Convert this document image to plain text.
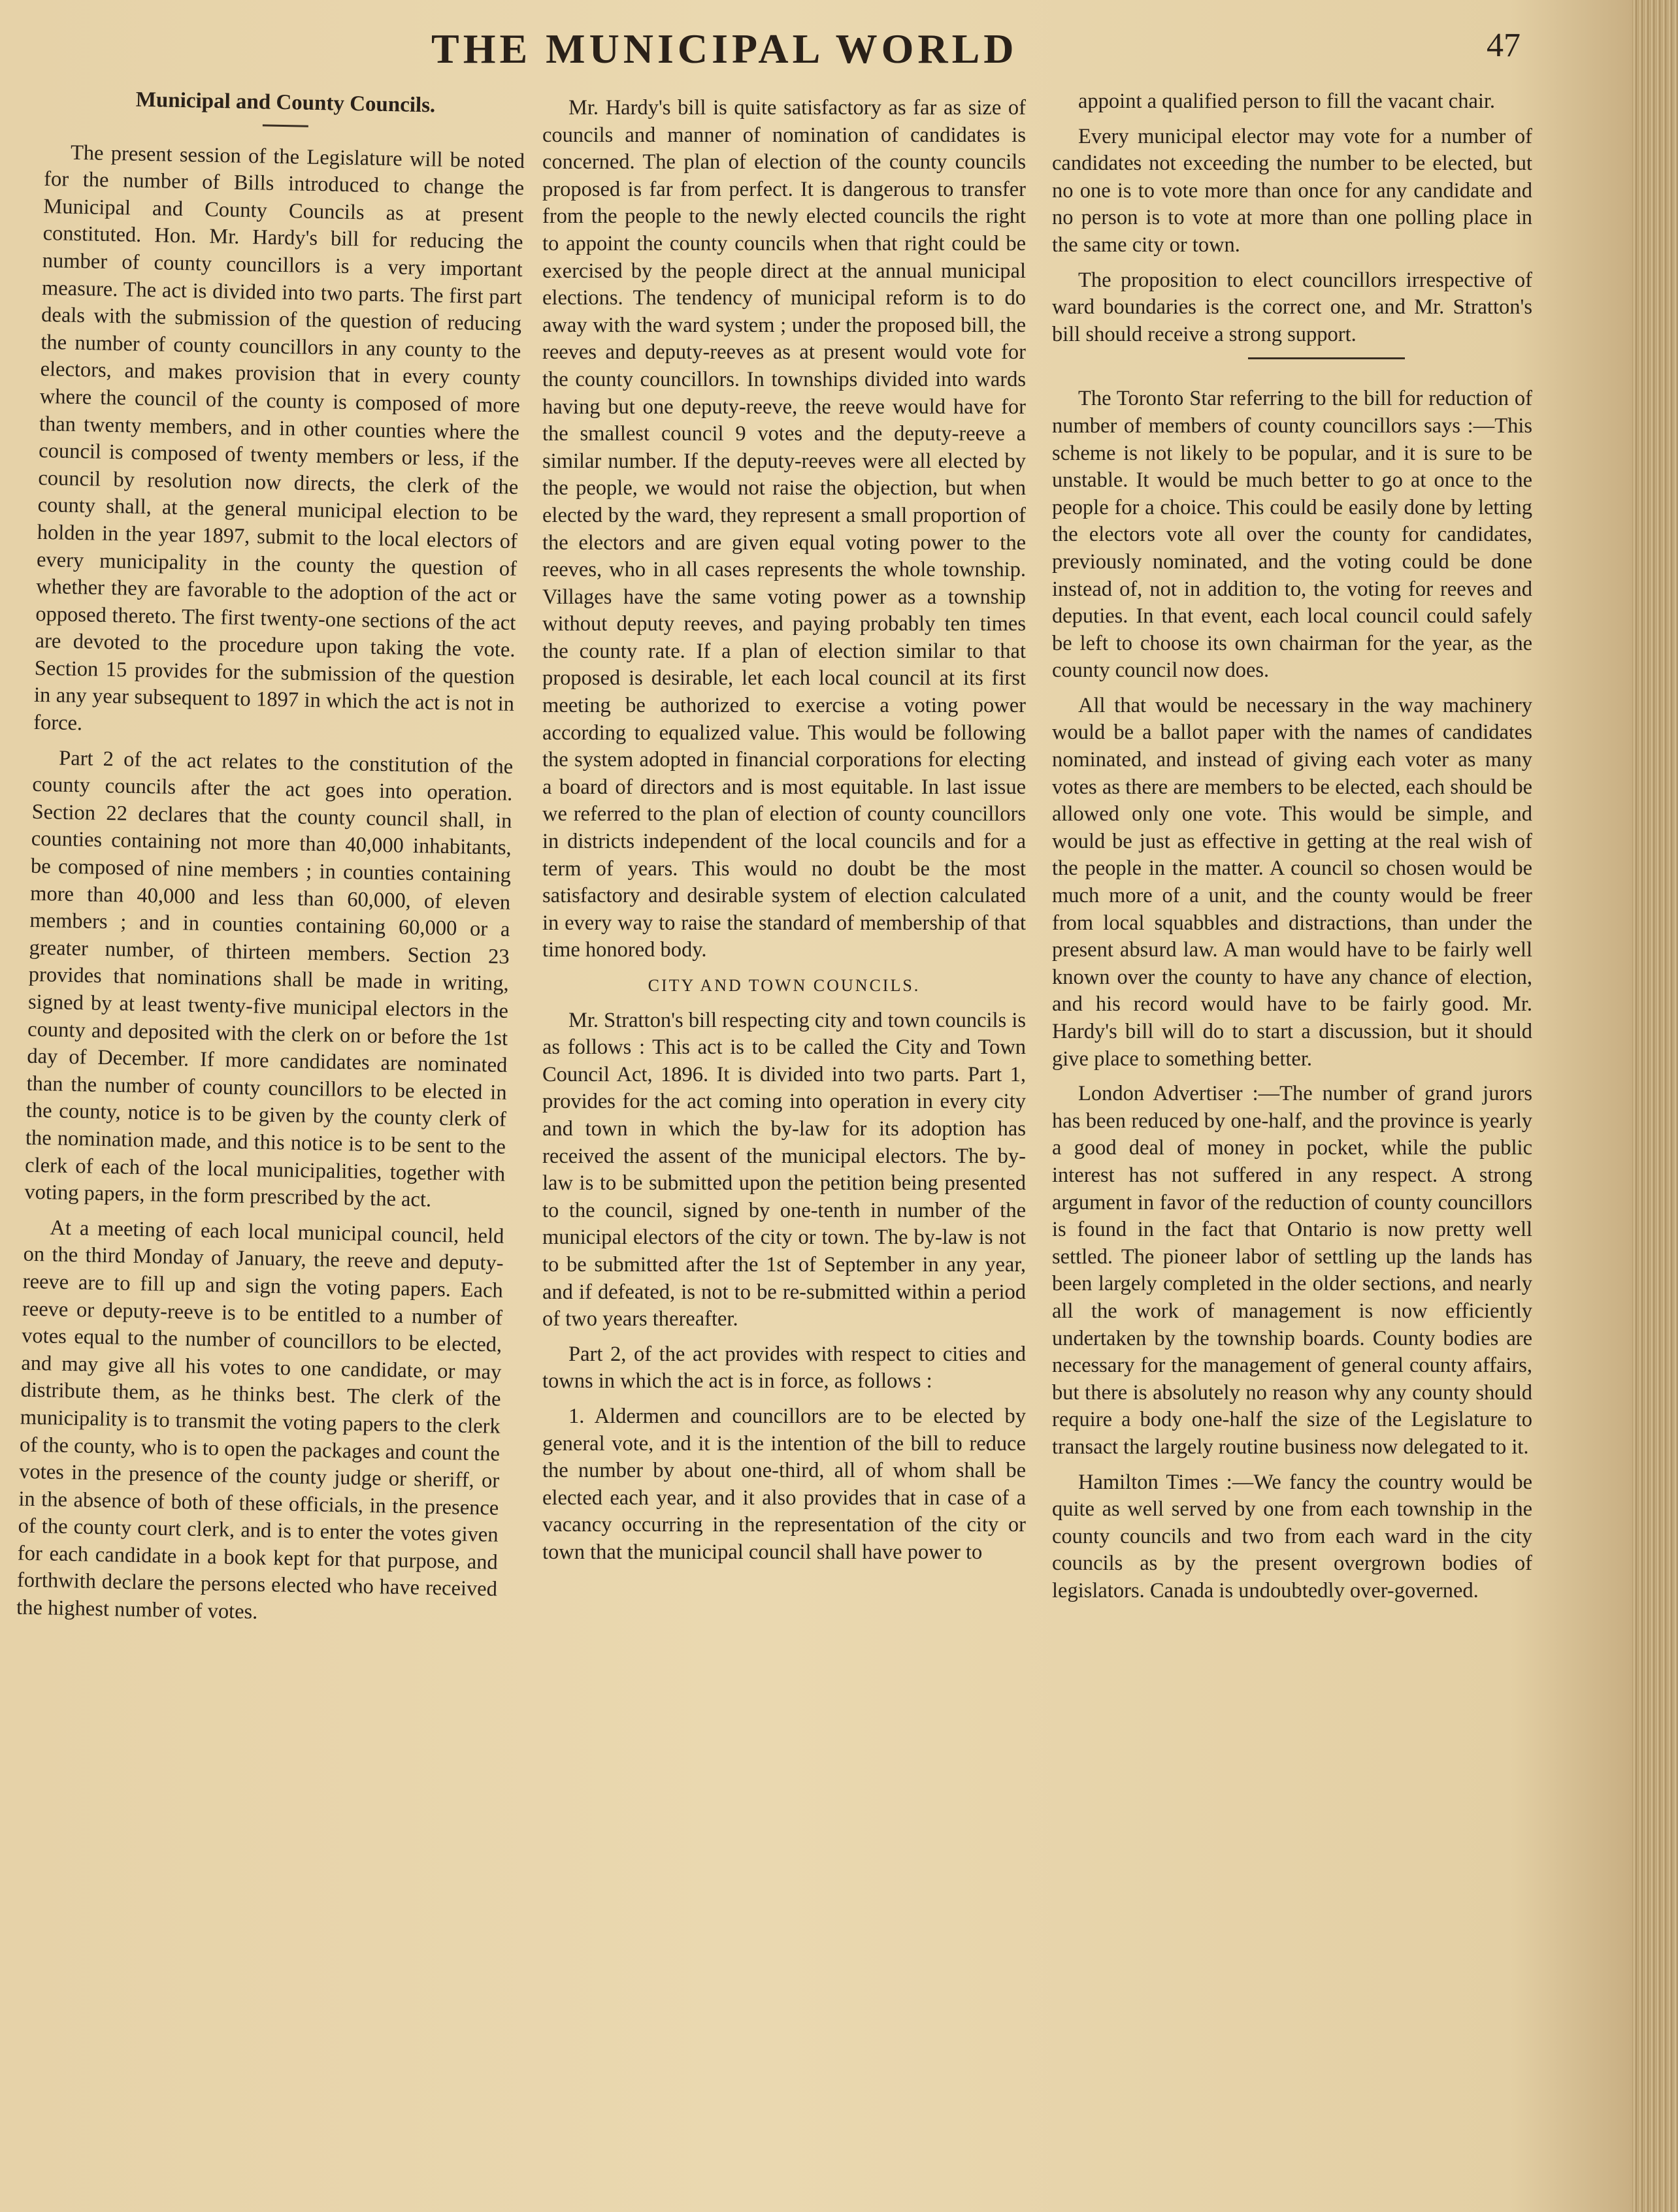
THE MUNICIPAL WORLD	47

Municipal and County Councils.

The present session of the Legislature will be noted for the number of Bills introduced to change the Municipal and County Councils as at present constituted. Hon. Mr. Hardy's bill for reducing the number of county councillors is a very important measure. The act is divided into two parts. The first part deals with the submission of the question of reducing the number of county councillors in any county to the electors, and makes provision that in every county where the council of the county is composed of more than twenty members, and in other counties where the council is composed of twenty members or less, if the council by resolution now directs, the clerk of the county shall, at the general municipal election to be holden in the year 1897, submit to the local electors of every municipality in the county the question of whether they are favorable to the adoption of the act or opposed thereto. The first twenty-one sections of the act are devoted to the procedure upon taking the vote. Section 15 provides for the submission of the question in any year subsequent to 1897 in which the act is not in force.

Part 2 of the act relates to the constitution of the county councils after the act goes into operation. Section 22 declares that the county council shall, in counties containing not more than 40,000 inhabitants, be composed of nine members ; in counties containing more than 40,000 and less than 60,000, of eleven members ; and in counties containing 60,000 or a greater number, of thirteen members. Section 23 provides that nominations shall be made in writing, signed by at least twenty-five municipal electors in the county and deposited with the clerk on or before the 1st day of December. If more candidates are nominated than the number of county councillors to be elected in the county, notice is to be given by the county clerk of the nomination made, and this notice is to be sent to the clerk of each of the local municipalities, together with voting papers, in the form prescribed by the act.

At a meeting of each local municipal council, held on the third Monday of January, the reeve and deputy-reeve are to fill up and sign the voting papers. Each reeve or deputy-reeve is to be entitled to a number of votes equal to the number of councillors to be elected, and may give all his votes to one candidate, or may distribute them, as he thinks best. The clerk of the municipality is to transmit the voting papers to the clerk of the county, who is to open the packages and count the votes in the presence of the county judge or sheriff, or in the absence of both of these officials, in the presence of the county court clerk, and is to enter the votes given for each candidate in a book kept for that purpose, and forthwith declare the persons elected who have received the highest number of votes.

Mr. Hardy's bill is quite satisfactory as far as size of councils and manner of nomination of candidates is concerned. The plan of election of the county councils proposed is far from perfect. It is dangerous to transfer from the people to the newly elected councils the right to appoint the county councils when that right could be exercised by the people direct at the annual municipal elections. The tendency of municipal reform is to do away with the ward system ; under the proposed bill, the reeves and deputy-reeves as at present would vote for the county councillors. In townships divided into wards having but one deputy-reeve, the reeve would have for the smallest council 9 votes and the deputy-reeve a similar number. If the deputy-reeves were all elected by the people, we would not raise the objection, but when elected by the ward, they represent a small proportion of the electors and are given equal voting power to the reeves, who in all cases represents the whole township. Villages have the same voting power as a township without deputy reeves, and paying probably ten times the county rate. If a plan of election similar to that proposed is desirable, let each local council at its first meeting be authorized to exercise a voting power according to equalized value. This would be following the system adopted in financial corporations for electing a board of directors and is most equitable. In last issue we referred to the plan of election of county councillors in districts independent of the local councils and for a term of years. This would no doubt be the most satisfactory and desirable system of election calculated in every way to raise the standard of membership of that time honored body.

CITY AND TOWN COUNCILS.

Mr. Stratton's bill respecting city and town councils is as follows : This act is to be called the City and Town Council Act, 1896. It is divided into two parts. Part 1, provides for the act coming into operation in every city and town in which the by-law for its adoption has received the assent of the municipal electors. The by-law is to be submitted upon the petition being presented to the council, signed by one-tenth in number of the municipal electors of the city or town. The by-law is not to be submitted after the 1st of September in any year, and if defeated, is not to be re-submitted within a period of two years thereafter.

Part 2, of the act provides with respect to cities and towns in which the act is in force, as follows :

1. Aldermen and councillors are to be elected by general vote, and it is the intention of the bill to reduce the number by about one-third, all of whom shall be elected each year, and it also provides that in case of a vacancy occurring in the representation of the city or town that the municipal council shall have power to

appoint a qualified person to fill the vacant chair.

Every municipal elector may vote for a number of candidates not exceeding the number to be elected, but no one is to vote more than once for any candidate and no person is to vote at more than one polling place in the same city or town.

The proposition to elect councillors irrespective of ward boundaries is the correct one, and Mr. Stratton's bill should receive a strong support.

The Toronto Star referring to the bill for reduction of number of members of county councillors says :—This scheme is not likely to be popular, and it is sure to be unstable. It would be much better to go at once to the people for a choice. This could be easily done by letting the electors vote all over the county for candidates, previously nominated, and the voting could be done instead of, not in addition to, the voting for reeves and deputies. In that event, each local council could safely be left to choose its own chairman for the year, as the county council now does.

All that would be necessary in the way machinery would be a ballot paper with the names of candidates nominated, and instead of giving each voter as many votes as there are members to be elected, each should be allowed only one vote. This would be simple, and would be just as effective in getting at the real wish of the people in the matter. A council so chosen would be much more of a unit, and the county would be freer from local squabbles and distractions, than under the present absurd law. A man would have to be fairly well known over the county to have any chance of election, and his record would have to be fairly good. Mr. Hardy's bill will do to start a discussion, but it should give place to something better.

London Advertiser :—The number of grand jurors has been reduced by one-half, and the province is yearly a good deal of money in pocket, while the public interest has not suffered in any respect. A strong argument in favor of the reduction of county councillors is found in the fact that Ontario is now pretty well settled. The pioneer labor of settling up the lands has been largely completed in the older sections, and nearly all the work of management is now efficiently undertaken by the township boards. County bodies are necessary for the management of general county affairs, but there is absolutely no reason why any county should require a body one-half the size of the Legislature to transact the largely routine business now delegated to it.

Hamilton Times :—We fancy the country would be quite as well served by one from each township in the county councils and two from each ward in the city councils as by the present overgrown bodies of legislators. Canada is undoubtedly over-governed.
